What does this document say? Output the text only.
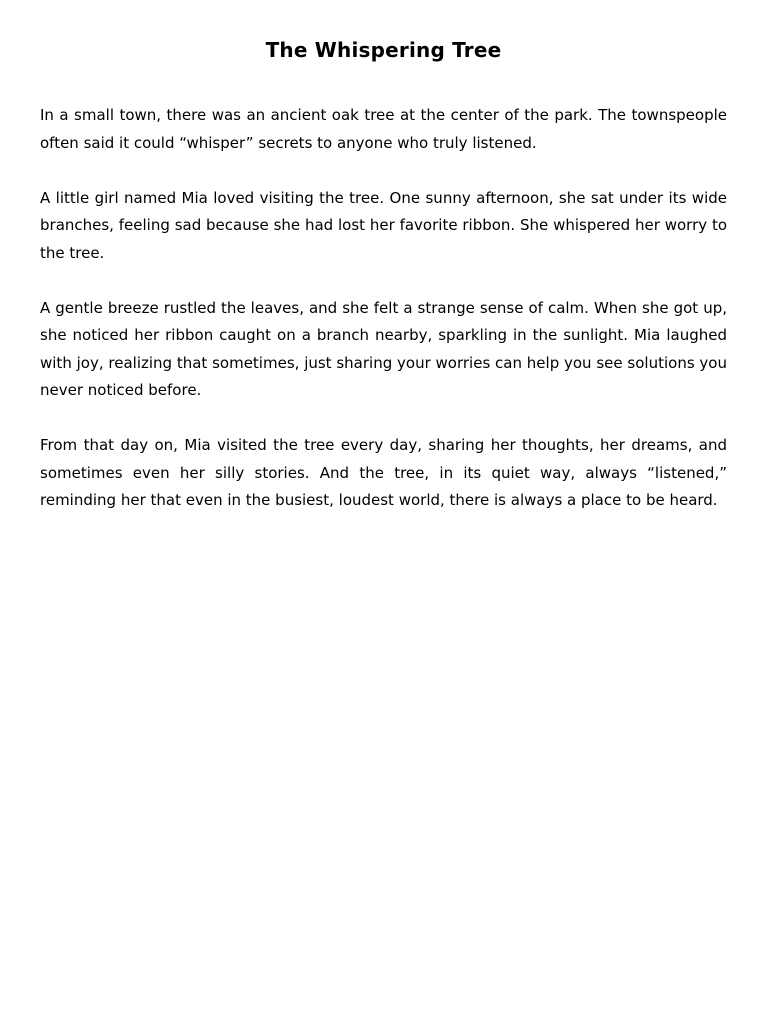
The Whispering Tree

In a small town, there was an ancient oak tree at the center of the park. The townspeople often said it could “whisper” secrets to anyone who truly listened.

A little girl named Mia loved visiting the tree. One sunny afternoon, she sat under its wide branches, feeling sad because she had lost her favorite ribbon. She whispered her worry to the tree.

A gentle breeze rustled the leaves, and she felt a strange sense of calm. When she got up, she noticed her ribbon caught on a branch nearby, sparkling in the sunlight. Mia laughed with joy, realizing that sometimes, just sharing your worries can help you see solutions you never noticed before.

From that day on, Mia visited the tree every day, sharing her thoughts, her dreams, and sometimes even her silly stories. And the tree, in its quiet way, always “listened,” reminding her that even in the busiest, loudest world, there is always a place to be heard.
